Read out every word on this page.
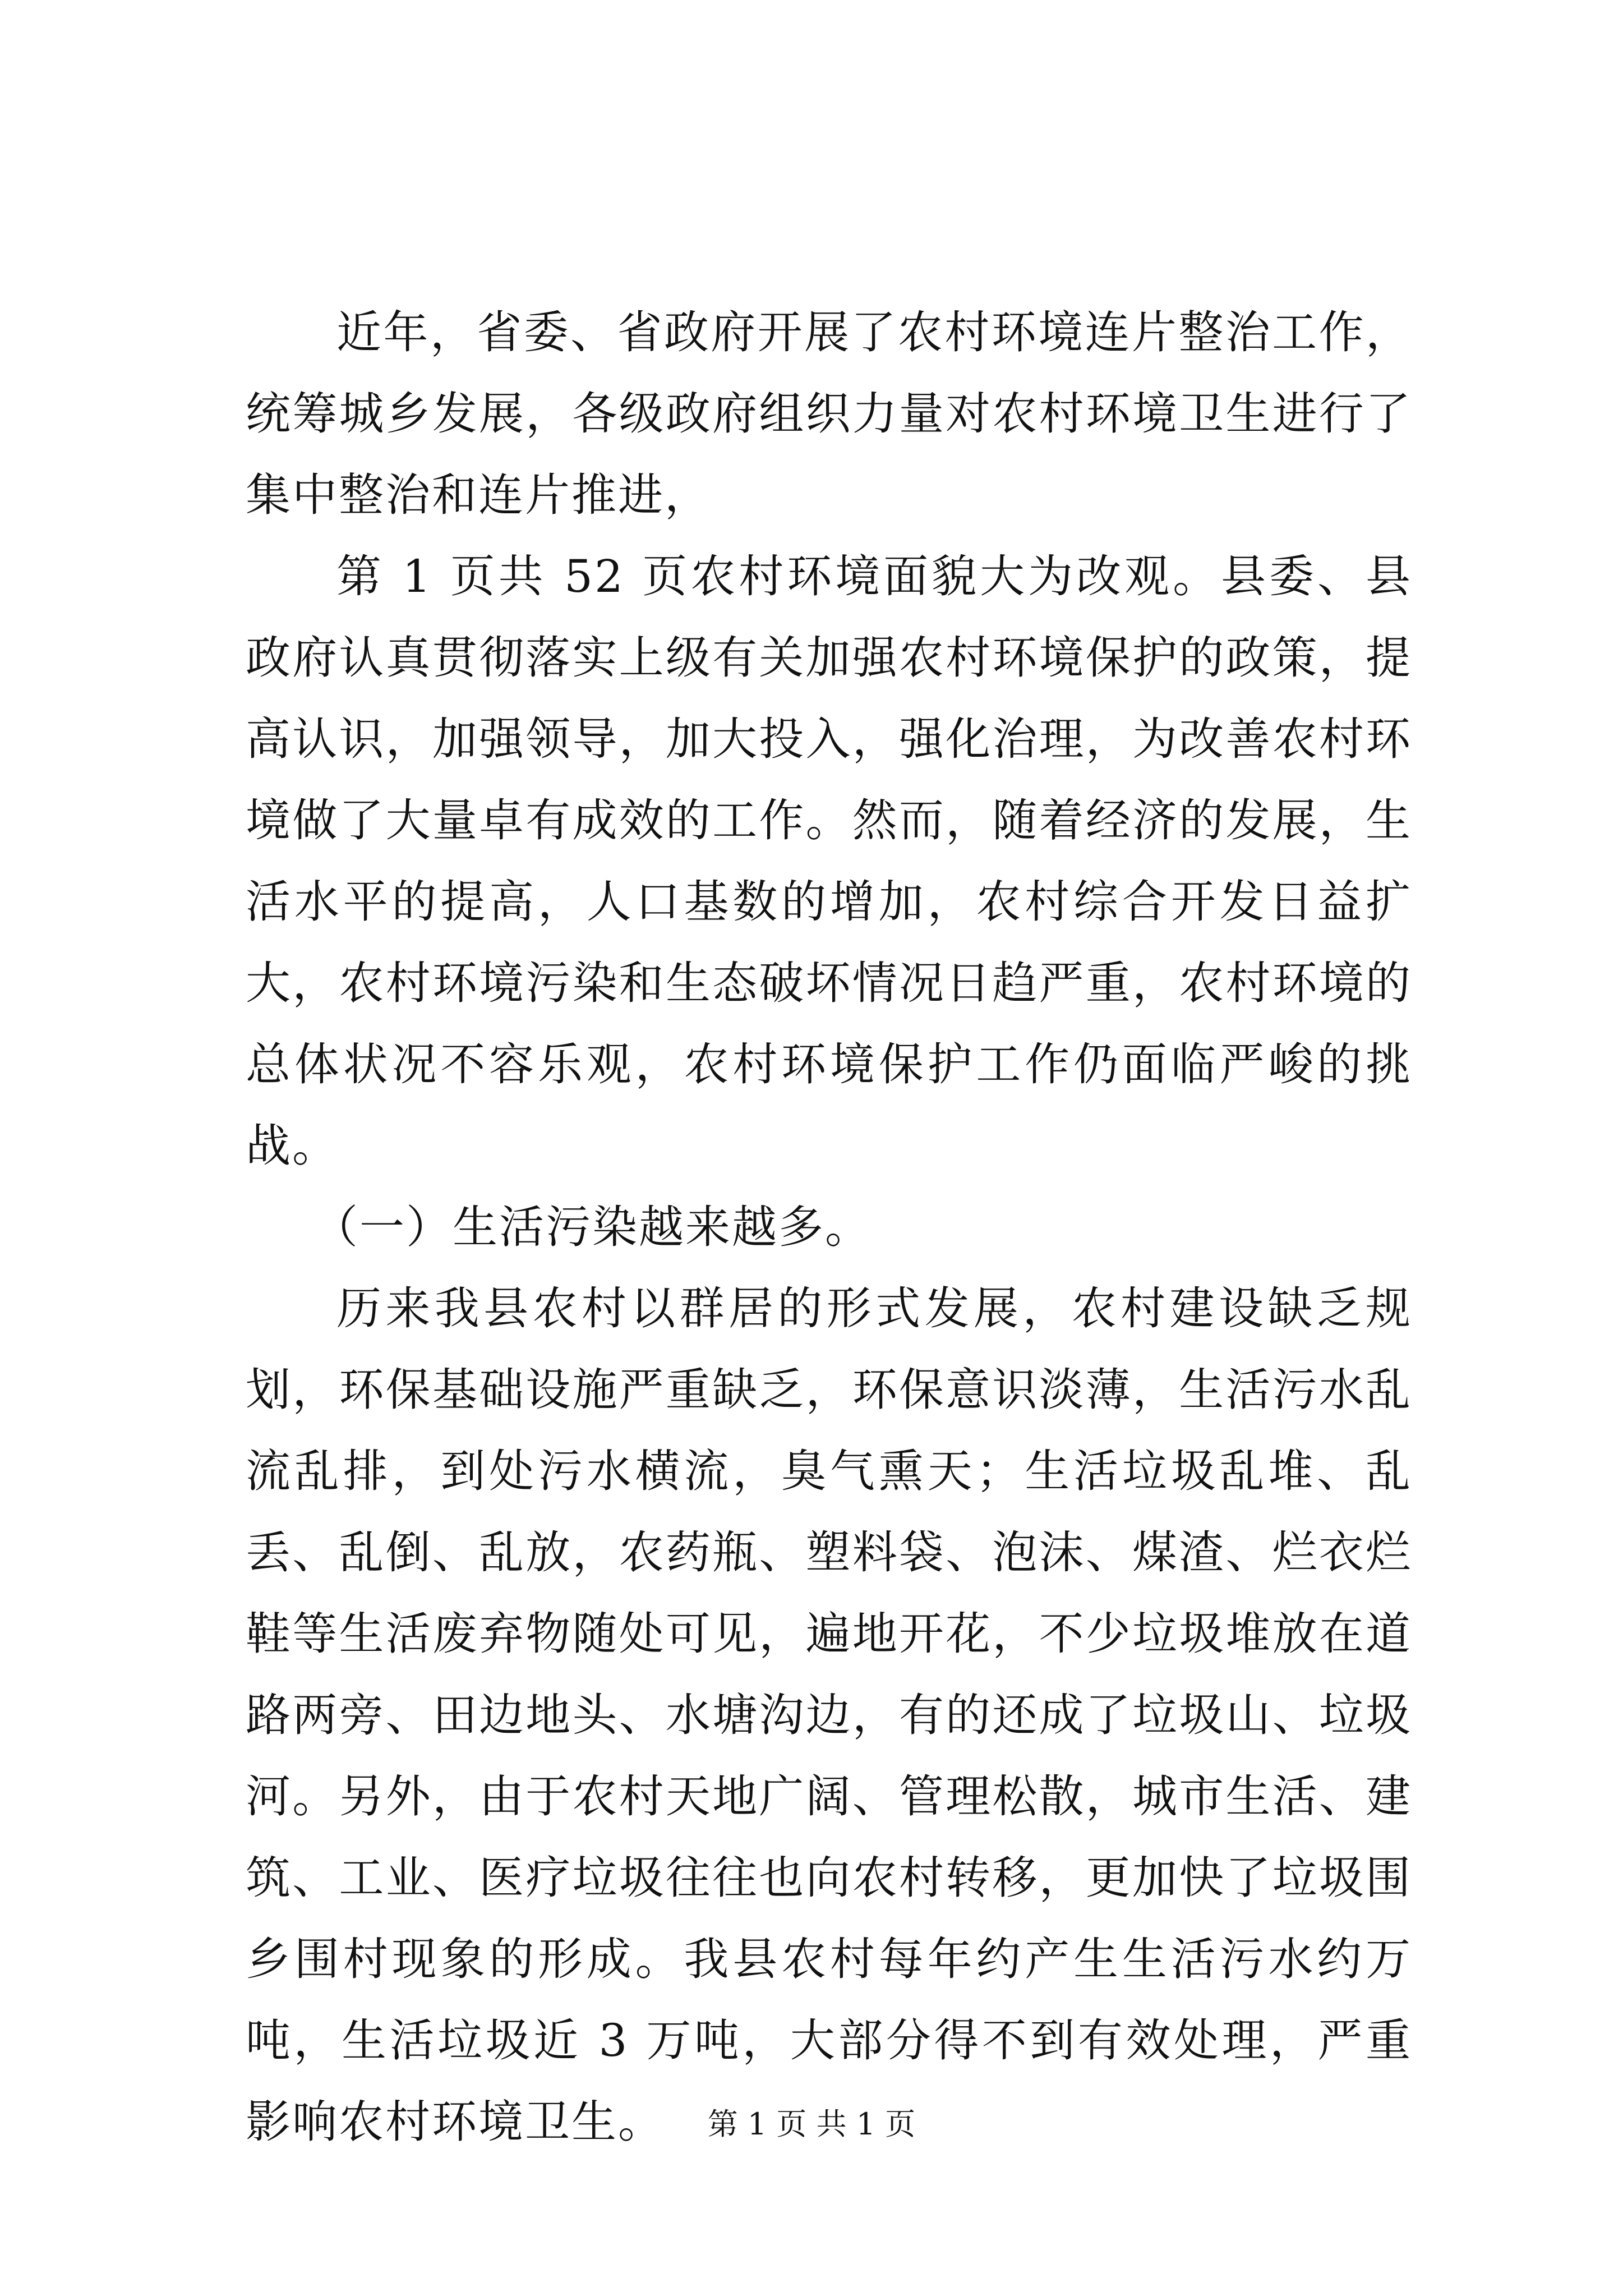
近年，省委、省政府开展了农村环境连片整治工作，统筹城乡发展，各级政府组织力量对农村环境卫生进行了集中整治和连片推进，

第 1 页共 52 页农村环境面貌大为改观。县委、县政府认真贯彻落实上级有关加强农村环境保护的政策，提高认识，加强领导，加大投入，强化治理，为改善农村环境做了大量卓有成效的工作。然而，随着经济的发展，生活水平的提高，人口基数的增加，农村综合开发日益扩大，农村环境污染和生态破坏情况日趋严重，农村环境的总体状况不容乐观，农村环境保护工作仍面临严峻的挑战。

（一）生活污染越来越多。

历来我县农村以群居的形式发展，农村建设缺乏规划，环保基础设施严重缺乏，环保意识淡薄，生活污水乱流乱排，到处污水横流，臭气熏天；生活垃圾乱堆、乱丢、乱倒、乱放，农药瓶、塑料袋、泡沫、煤渣、烂衣烂鞋等生活废弃物随处可见，遍地开花，不少垃圾堆放在道路两旁、田边地头、水塘沟边，有的还成了垃圾山、垃圾河。另外，由于农村天地广阔、管理松散，城市生活、建筑、工业、医疗垃圾往往也向农村转移，更加快了垃圾围乡围村现象的形成。我县农村每年约产生生活污水约万吨，生活垃圾近 3 万吨，大部分得不到有效处理，严重影响农村环境卫生。	第 1 页 共 1 页
